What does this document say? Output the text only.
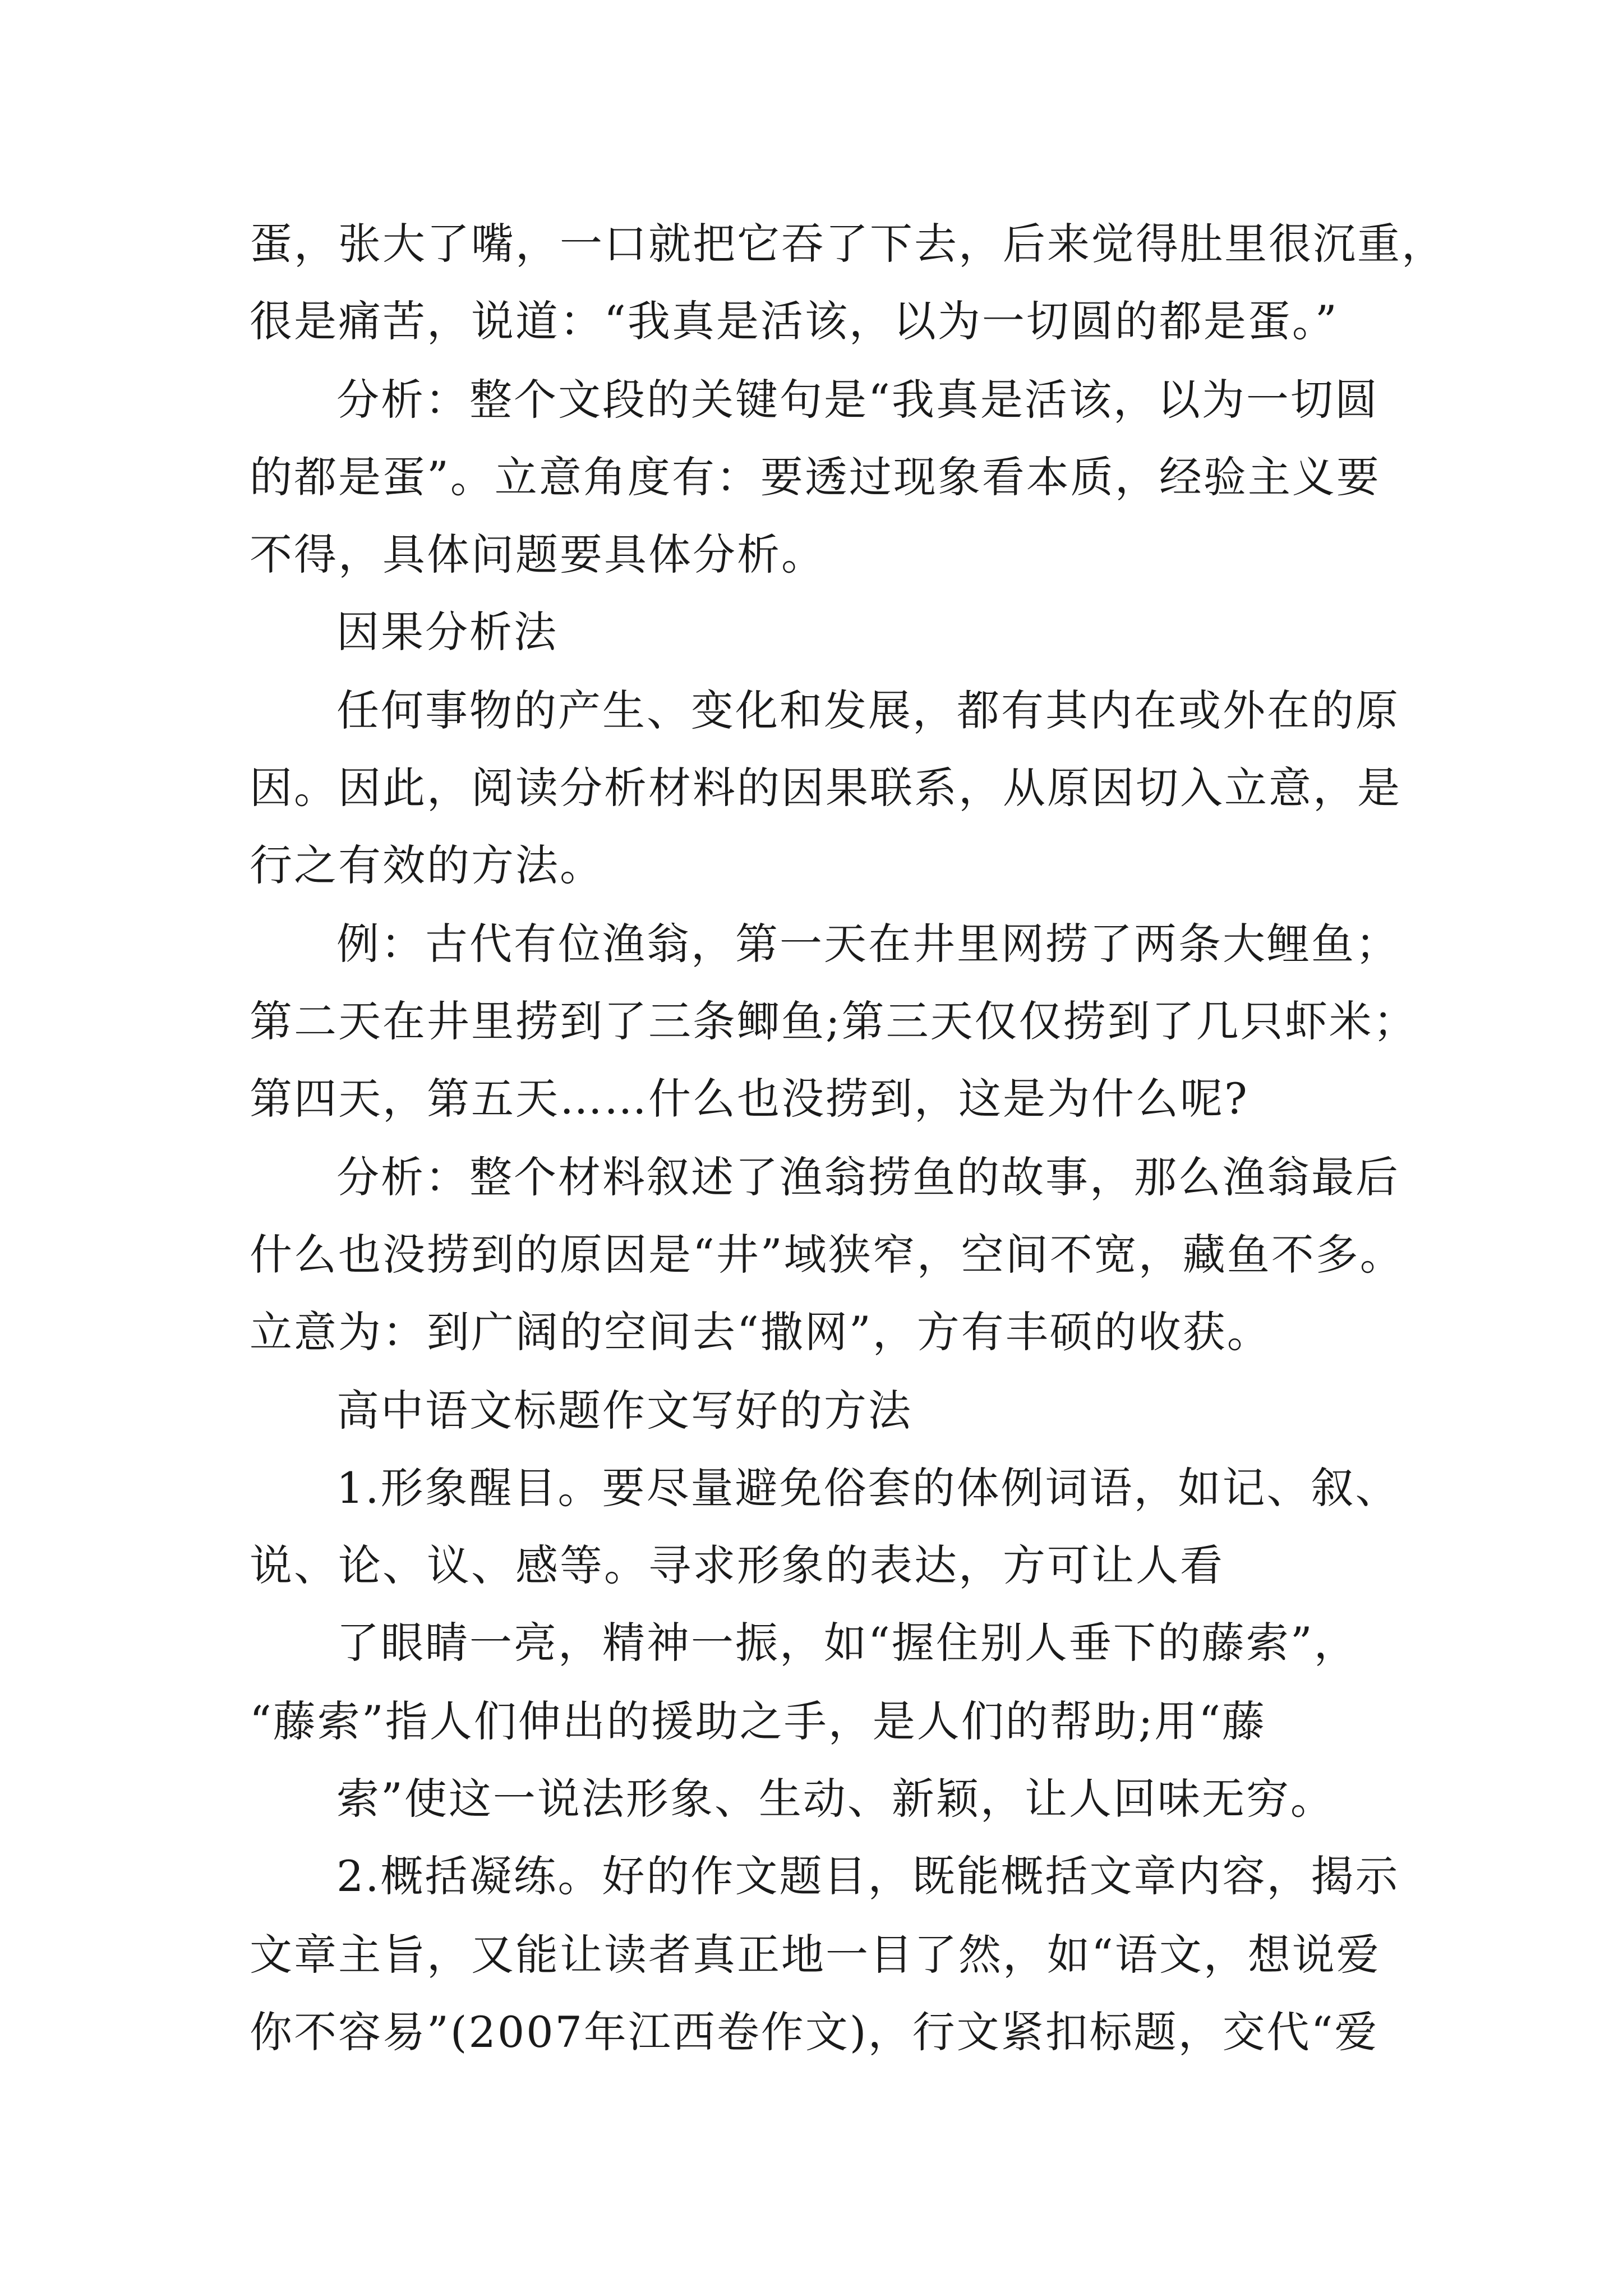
蛋，张大了嘴，一口就把它吞了下去，后来觉得肚里很沉重，
很是痛苦，说道：“我真是活该，以为一切圆的都是蛋。”
分析：整个文段的关键句是“我真是活该，以为一切圆
的都是蛋”。立意角度有：要透过现象看本质，经验主义要
不得，具体问题要具体分析。
因果分析法
任何事物的产生、变化和发展，都有其内在或外在的原
因。因此，阅读分析材料的因果联系，从原因切入立意，是
行之有效的方法。
例：古代有位渔翁，第一天在井里网捞了两条大鲤鱼；
第二天在井里捞到了三条鲫鱼;第三天仅仅捞到了几只虾米；
第四天，第五天……什么也没捞到，这是为什么呢?
分析：整个材料叙述了渔翁捞鱼的故事，那么渔翁最后
什么也没捞到的原因是“井”域狭窄，空间不宽，藏鱼不多。
立意为：到广阔的空间去“撒网”，方有丰硕的收获。
高中语文标题作文写好的方法
1.形象醒目。要尽量避免俗套的体例词语，如记、叙、
说、论、议、感等。寻求形象的表达，方可让人看
了眼睛一亮，精神一振，如“握住别人垂下的藤索”，
“藤索”指人们伸出的援助之手，是人们的帮助;用“藤
索”使这一说法形象、生动、新颖，让人回味无穷。
2.概括凝练。好的作文题目，既能概括文章内容，揭示
文章主旨，又能让读者真正地一目了然，如“语文，想说爱
你不容易”(2007年江西卷作文)，行文紧扣标题，交代“爱
